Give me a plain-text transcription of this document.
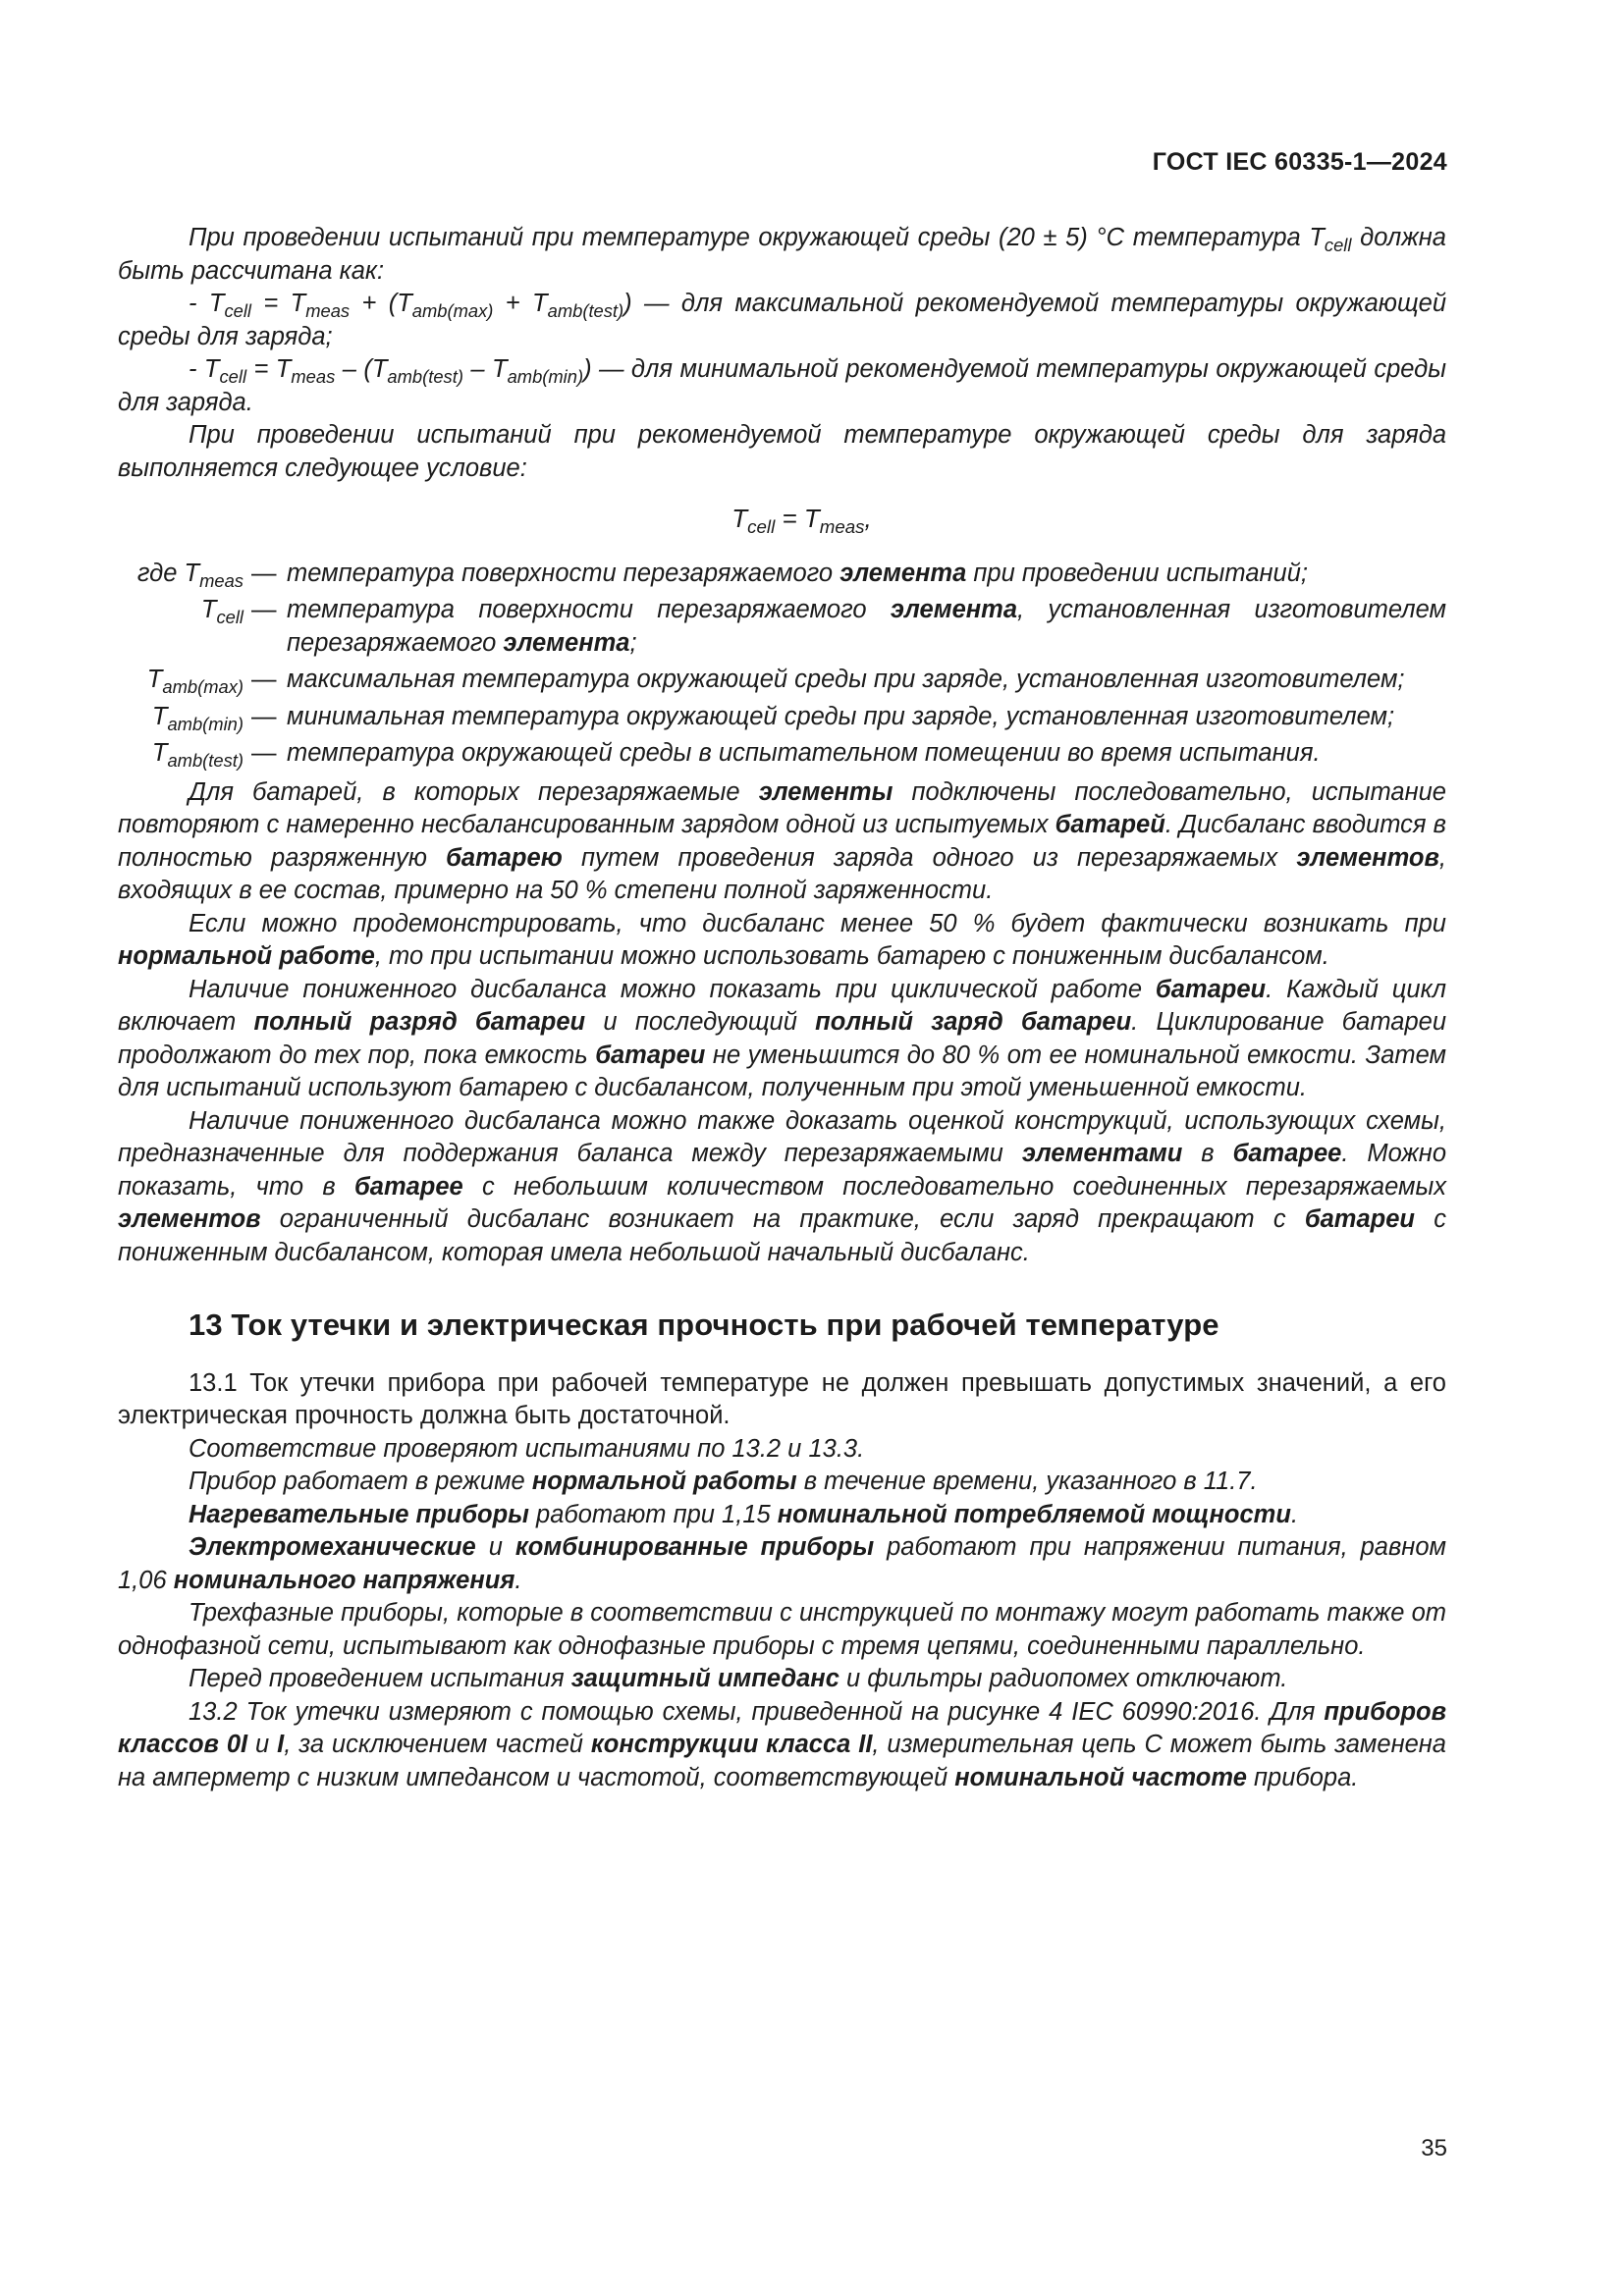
ГОСТ IEC 60335-1—2024

При проведении испытаний при температуре окружающей среды (20 ± 5) °С температура $T_{cell}$ должна быть рассчитана как:

- $T_{cell} = T_{meas} + (T_{amb(max)} + T_{amb(test)})$ — для максимальной рекомендуемой температуры окружающей среды для заряда;

- $T_{cell} = T_{meas} - (T_{amb(test)} - T_{amb(min)})$ — для минимальной рекомендуемой температуры окружающей среды для заряда.

При проведении испытаний при рекомендуемой температуре окружающей среды для заряда выполняется следующее условие:

$T_{cell} = T_{meas}$,
где $T_{meas}$ — температура поверхности перезаряжаемого элемента при проведении испытаний;
$T_{cell}$ — температура поверхности перезаряжаемого элемента, установленная изготовителем перезаряжаемого элемента;
$T_{amb(max)}$ — максимальная температура окружающей среды при заряде, установленная изготовителем;
$T_{amb(min)}$ — минимальная температура окружающей среды при заряде, установленная изготовителем;
$T_{amb(test)}$ — температура окружающей среды в испытательном помещении во время испытания.

Для батарей, в которых перезаряжаемые элементы подключены последовательно, испытание повторяют с намеренно несбалансированным зарядом одной из испытуемых батарей. Дисбаланс вводится в полностью разряженную батарею путем проведения заряда одного из перезаряжаемых элементов, входящих в ее состав, примерно на 50 % степени полной заряженности.

Если можно продемонстрировать, что дисбаланс менее 50 % будет фактически возникать при нормальной работе, то при испытании можно использовать батарею с пониженным дисбалансом.

Наличие пониженного дисбаланса можно показать при циклической работе батареи. Каждый цикл включает полный разряд батареи и последующий полный заряд батареи. Циклирование батареи продолжают до тех пор, пока емкость батареи не уменьшится до 80 % от ее номинальной емкости. Затем для испытаний используют батарею с дисбалансом, полученным при этой уменьшенной емкости.

Наличие пониженного дисбаланса можно также доказать оценкой конструкций, использующих схемы, предназначенные для поддержания баланса между перезаряжаемыми элементами в батарее. Можно показать, что в батарее с небольшим количеством последовательно соединенных перезаряжаемых элементов ограниченный дисбаланс возникает на практике, если заряд прекращают с батареи с пониженным дисбалансом, которая имела небольшой начальный дисбаланс.

13 Ток утечки и электрическая прочность при рабочей температуре

13.1 Ток утечки прибора при рабочей температуре не должен превышать допустимых значений, а его электрическая прочность должна быть достаточной.

Соответствие проверяют испытаниями по 13.2 и 13.3.

Прибор работает в режиме нормальной работы в течение времени, указанного в 11.7.

Нагревательные приборы работают при 1,15 номинальной потребляемой мощности.

Электромеханические и комбинированные приборы работают при напряжении питания, равном 1,06 номинального напряжения.

Трехфазные приборы, которые в соответствии с инструкцией по монтажу могут работать также от однофазной сети, испытывают как однофазные приборы с тремя цепями, соединенными параллельно.

Перед проведением испытания защитный импеданс и фильтры радиопомех отключают.

13.2 Ток утечки измеряют с помощью схемы, приведенной на рисунке 4 IEC 60990:2016. Для приборов классов 0I и I, за исключением частей конструкции класса II, измерительная цепь С может быть заменена на амперметр с низким импедансом и частотой, соответствующей номинальной частоте прибора.

35
